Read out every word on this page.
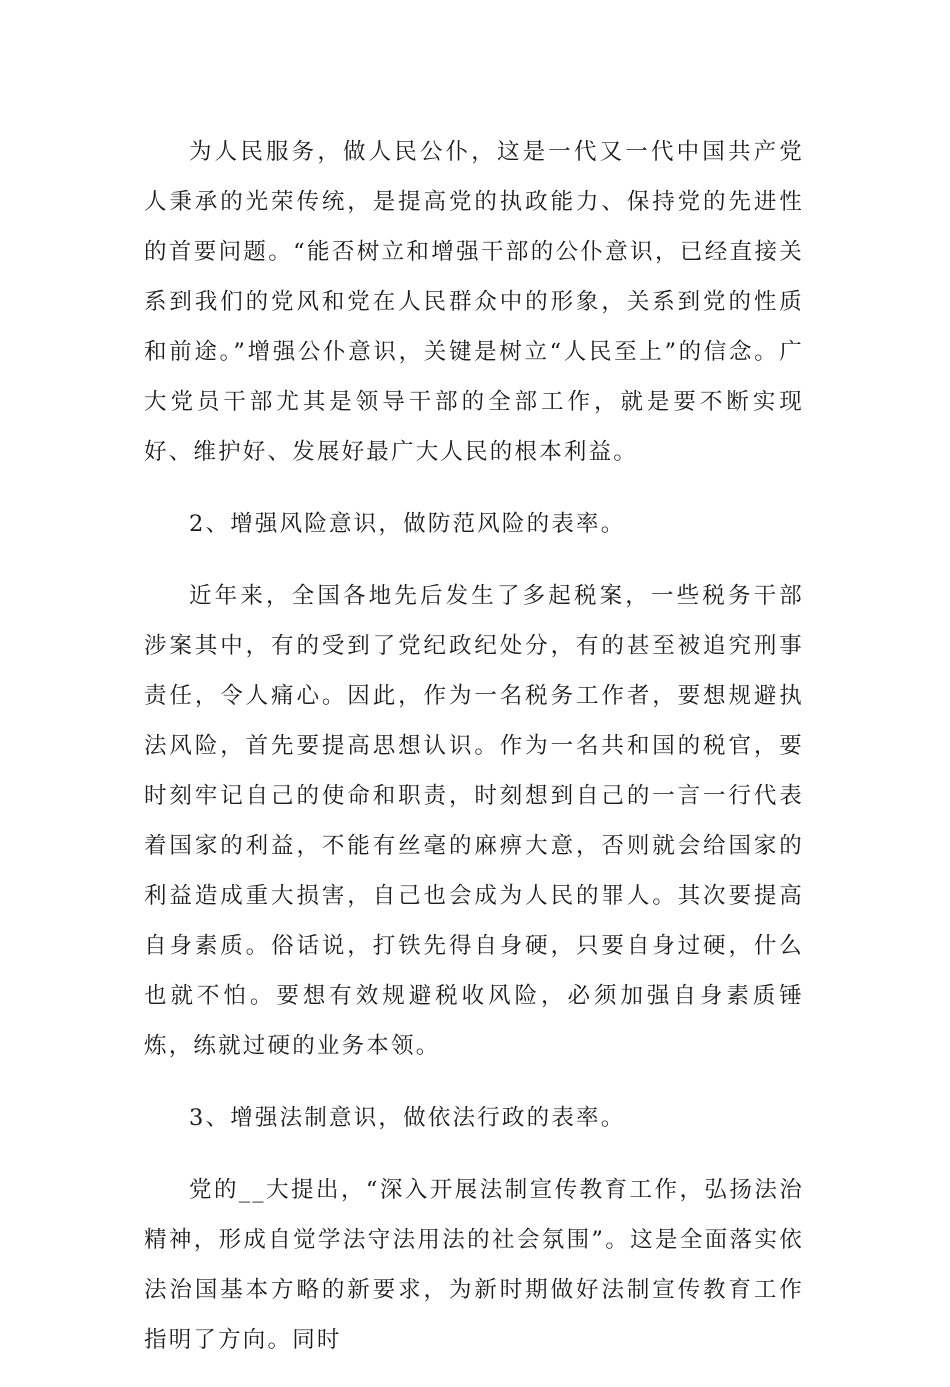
为人民服务，做人民公仆，这是一代又一代中国共产党人秉承的光荣传统，是提高党的执政能力、保持党的先进性的首要问题。“能否树立和增强干部的公仆意识，已经直接关系到我们的党风和党在人民群众中的形象，关系到党的性质和前途。”增强公仆意识，关键是树立“人民至上”的信念。广大党员干部尤其是领导干部的全部工作，就是要不断实现好、维护好、发展好最广大人民的根本利益。

2、增强风险意识，做防范风险的表率。

近年来，全国各地先后发生了多起税案，一些税务干部涉案其中，有的受到了党纪政纪处分，有的甚至被追究刑事责任，令人痛心。因此，作为一名税务工作者，要想规避执法风险，首先要提高思想认识。作为一名共和国的税官，要时刻牢记自己的使命和职责，时刻想到自己的一言一行代表着国家的利益，不能有丝毫的麻痹大意，否则就会给国家的利益造成重大损害，自己也会成为人民的罪人。其次要提高自身素质。俗话说，打铁先得自身硬，只要自身过硬，什么也就不怕。要想有效规避税收风险，必须加强自身素质锤炼，练就过硬的业务本领。

3、增强法制意识，做依法行政的表率。

党的__大提出，“深入开展法制宣传教育工作，弘扬法治精神，形成自觉学法守法用法的社会氛围”。这是全面落实依法治国基本方略的新要求，为新时期做好法制宣传教育工作指明了方向。同时
